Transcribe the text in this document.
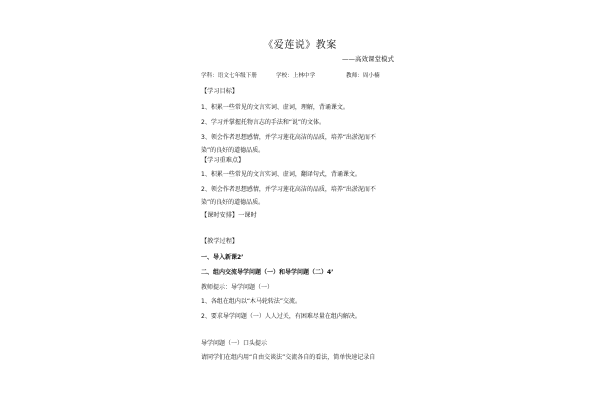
《爱莲说》教案
——高效课堂模式
学科：语文七年级下册	学校：上林中学	教师：周小楠
【学习目标】
1、积累一些常见的文言实词、虚词，理解，背诵课文。
2、学习并掌握托物言志的手法和“说”的文体。
3、领会作者思想感情，并学习莲花高洁的品质，培养“出淤泥而不
染”的良好的道德品质。
【学习重难点】
1、积累一些常见的文言实词、虚词，翻译句式，背诵课文。
2、领会作者思想感情，并学习莲花高洁的品质，培养“出淤泥而不
染”的良好的道德品质。
【课时安排】一课时
【教学过程】
一、导入新课2’
二、组内交流导学问题（一）和导学问题（二）4’
教师提示：导学问题（一）
1、各组在组内以“木马轮转法”交流。
2、要求导学问题（一）人人过关，有困难尽量在组内解决。
导学问题（一）口头提示
请同学们在组内用“自由交谈法”交流各自的看法，简单快速记录自
